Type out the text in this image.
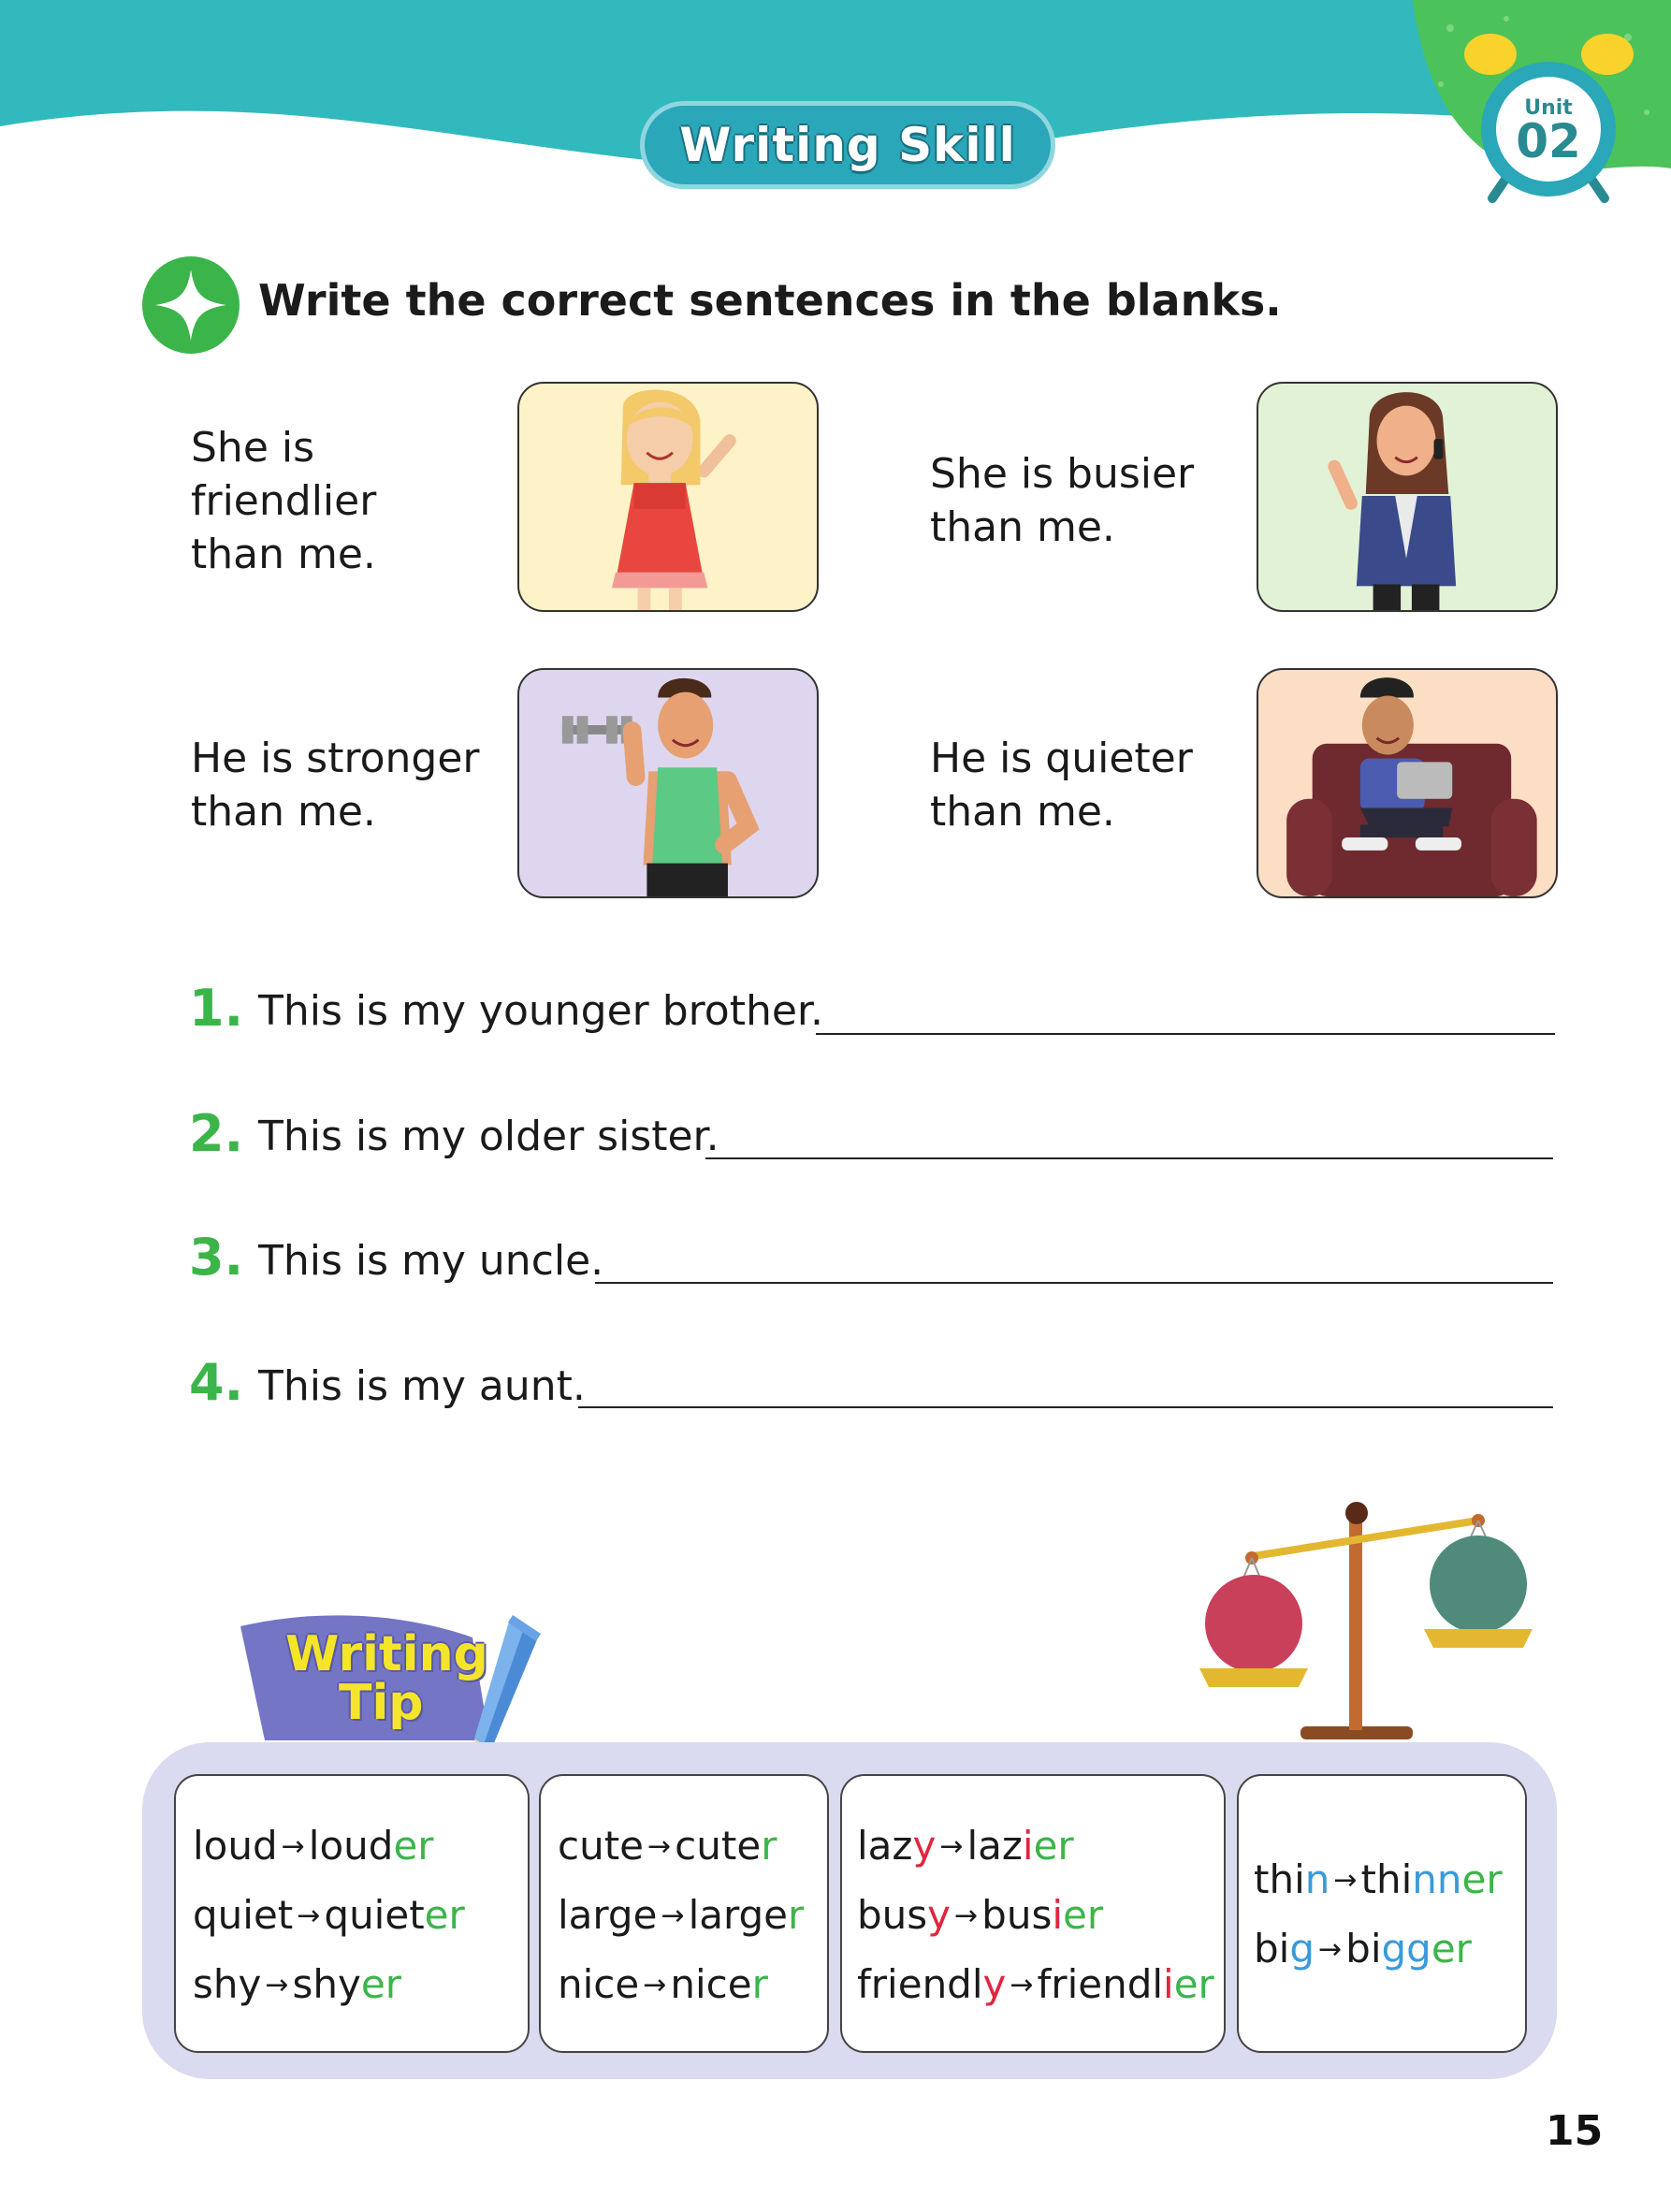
Writing Skill
Unit
02
Write the correct sentences in the blanks.
She is
friendlier
than me.
She is busier
than me.
He is stronger
than me.
He is quieter
than me.
1. This is my younger brother.
2. This is my older sister.
3. This is my uncle.
4. This is my aunt.
Writing
Tip
loud →louder
quiet →quieter
shy →shyer
cute →cuter
large →larger
nice →nicer
lazy →lazier
busy →busier
friendly →friendlier
thin →thinner
big →bigger
15
